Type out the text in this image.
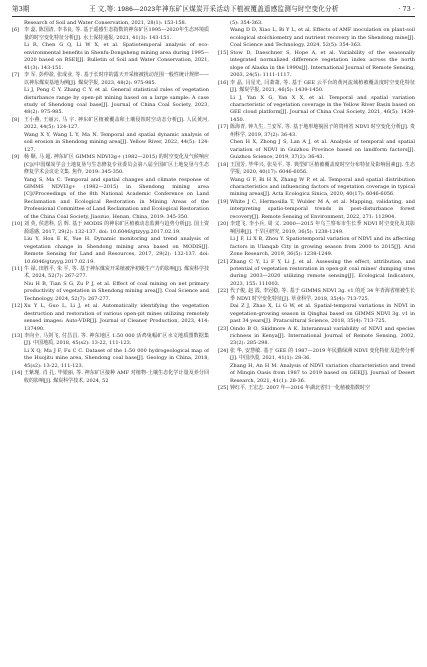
第3期	王 文,等: 1986—2023年神东矿区煤炭开采活动下植被覆盖遥感监测与时空变化分析	· 73 ·
Research of Soil and Water Conservation, 2021, 28(1): 153-158.
[6] 李 蕊, 陈国清, 李书良, 等. 基于遥感生态指数的神东矿区1995—2020年生态环境质量的时空变化特征分析[J]. 水土保持通报, 2021, 41(3): 143-151.
Li R, Chen G Q, Li W X, et al. Spatiotemporal analysis of eco-environmental benefits in Shenfu-Dongsheng mining area during 1995—2020 based on RSEI[J]. Bulletin of Soil and Water Conservation, 2021, 41(3): 143-151.
[7] 李 军, 彭仲盈, 张成业, 等. 基于长时序的露天开采植被扰动范围一般性统计规律——以神东煤炭基地为例[J]. 煤炭学报, 2023, 48(2): 975-985.
Li J, Peng C Y, Zhang C Y, et al. General statistical rules of vegetation disturbance range by open-pit mining based on a large sample: A case study of Shendong coal base[J]. Journal of China Coal Society, 2023, 48(2): 975-985.
[8] 王小燕, 王丽云, 马 宇. 神东矿区植被覆盖和土壤侵蚀时空动态分析[J]. 人民黄河, 2022, 44(5): 124-127.
Wang X Y, Wang L Y, Ma N. Temporal and spatial dynamic analysis of soil erosion in Shendong mining area[J]. Yellow River, 2022, 44(5): 124-127.
[9] 杨 顺, 马 超. 神东矿区 GIMMS NDVI3g+ (1982—2015) 的时空变化及气候响应[C]//中国煤炭学会土地复垦与生态修复专业委员会第八届全国矿区土地复垦与生态修复学术会议论文集. 焦作, 2019: 345-350.
Yang S, Ma C. Temporal and spatial changes and climate response of GIMMS NDVI3g+ (1982—2015) in Shendong mining area [C]//Proceedings of the 8th National Academic Conference on Land Reclamation and Ecological Restoration in Mining Areas of the Professional Committee of Land Reclamation and Ecological Restoration of the China Coal Society, Jiaozuo, Henan, China, 2019: 345-350.
[10] 刘 英, 侯恩科, 岳 辉. 基于 MODIS 的神东矿区植被动态监测与趋势分析[J]. 国土资源遥感, 2017, 29(2): 132-137. doi: 10.6046/gtzyyg.2017.02.19.
Liu Y, Hou E K, Yue H. Dynamic monitoring and trend analysis of vegetation change in Shendong mining area based on MODIS[J]. Remote Sensing for Land and Resources, 2017, 29(2): 132-137. doi: 10.6046/gtzyyg.2017.02.19.
[11] 牛 禄, 田胜平, 朱 平, 等. 基于神东煤炭开采植被净初级生产力的影响[J]. 煤炭科学技术, 2024, 52(7): 267-277.
Niu H B, Tian S G, Zu P J, et al. Effect of coal mining on net primary productivity of vegetation in Shendong mining area[J]. Coal Science and Technology, 2024, 52(7): 267-277.
[12] Xu Y L, Guo L, Li J, et al. Automatically identifying the vegetation destruction and restoration of various open-pit mines utilizing remotely sensed images: Auto-VDR[J]. Journal of Cleaner Production, 2023, 414: 137490.
[13] 李向全, 马剑飞, 付昌昌, 等. 神东地区 1:50 000 活鸡兔幅矿区水文地质图数据集[J]. 中国地质, 2018, 45(s2): 13-22, 111-123.
Li X Q, Ma J F, Fu C C. Dataset of the 1:50 000 hydrogeological map of the Huojitu mine area, Shendong coal base[J]. Geology in China, 2018, 45(s2): 13-22, 111-123.
[14] 王紫瑾, 肖 扎, 毕银丽, 等. 神东矿区接种 AMF 对植物-土壤生态化学计量及养分回收的影响[J]. 煤炭科学技术, 2024, 52
(5): 354-363.
Wang D D, Xiao L, Bi Y L, et al. Effects of AMF inoculation on plant-soil ecological stoichiometry and nutrient recovery in the Shendong mine[J]. Coal Science and Technology, 2024, 52(5): 354-363.
[15] Stow D, Daeschner S, Hope A, et al. Variability of the seasonally integrated normalized difference vegetation index across the north slope of Alaska in the 1990s[J]. International Journal of Remote Sensing, 2003, 24(5): 1111-1117.
[16] 李 晶, 闫星光, 闫萧萧, 等. 基于 GEE 云平台的黄河流域植被覆盖度时空变化特征[J]. 煤炭学报, 2021, 46(5): 1439-1450.
Li J, Yan X G, Yan X X, et al. Temporal and spatial variation characteristic of vegetation coverage in the Yellow River Basin based on GEE cloud platform[J]. Journal of China Coal Society, 2021, 46(5): 1439-1450.
[17] 陈海青, 钟九生, 兰安军, 等. 基于地形地貌因子的贵州省 NDVI 时空变化分析[J]. 贵州科学, 2019, 37(2): 36-43.
Chen H X, Zhong J S, Lan A J, et al. Analysis of temporal and spatial variation of NDVI in Guizhou Province based on landform factors[J]. Guizhou Science, 2019, 37(2): 36-43.
[18] 王国芳, 毕华兴, 张昊平, 等. 典型矿区植被覆盖度时空分布特征及影响因素[J]. 生态学报, 2020, 40(17): 6046-6056.
Wang G F, Bi H X, Zhang W P, et al. Temporal and spatial distribution characteristics and influencing factors of vegetation coverage in typical mining areas[J]. Acta Ecologica Sinica, 2020, 40(17): 6046-6056.
[19] White J C, Hermosilla T, Wulder M A, et al. Mapping, validating, and interpreting spatio-temporal trends in post-disturbance forest recovery[J]. Remote Sensing of Environment, 2022, 271: 112904.
[20] 李建飞, 李小兵, 周 义. 2000—2015 年乌兰察布市生长季 NDVI 时空变化及其影响因素[J]. 干旱区研究, 2019, 36(5): 1238-1249.
Li J F, Li X B, Zhou Y. Spatiotemporal variation of NDVI and its affecting factors in Ulanqab City in growing season from 2000 to 2015[J]. Arid Zone Research, 2019, 36(5): 1238-1249.
[21] Zhang C Y, Li F Y, Li J, et al. Assessing the effect, attribution, and potential of vegetation restoration in open-pit coal mines' dumping sites during 2003—2020 utilizing remote sensing[J]. Ecological Indicators, 2023, 155: 111003.
[22] 代子俊, 赵 霞, 李冠稳, 等. 基于 GIMMS NDVI 3g. v1 的近 34 年青海省植被生长季 NDVI 时空变化特征[J]. 草业科学, 2018, 35(4): 713-725.
Dai Z J, Zhao X, Li G W, et al. Spatial-temporal variations in NDVI in vegetation-growing season in Qinghai based on GIMMS NDVI 3g. v1 in past 34 years[J]. Pratacultural Science, 2018, 35(4): 713-725.
[23] Oindo B O, Skidmore A K. Interannual variability of NDVI and species richness in Kenya[J]. International Journal of Remote Sensing, 2002, 23(2): 285-298.
[24] 张 华, 安慧敏. 基于 GEE 的 1987—2019 年民勤绿洲 NDVI 变化特征及趋势分析[J]. 中国沙漠, 2021, 41(1): 28-36.
Zhang H, An H M. Analysis of NDVI variation characteristics and trend of Minqin Oasis from 1987 to 2019 based on GEE[J]. Journal of Desert Research, 2021, 41(1): 28-36.
[25] 钟红平, 王宏志. 2007 年—2016 年湖北省归一化植被指数时空
